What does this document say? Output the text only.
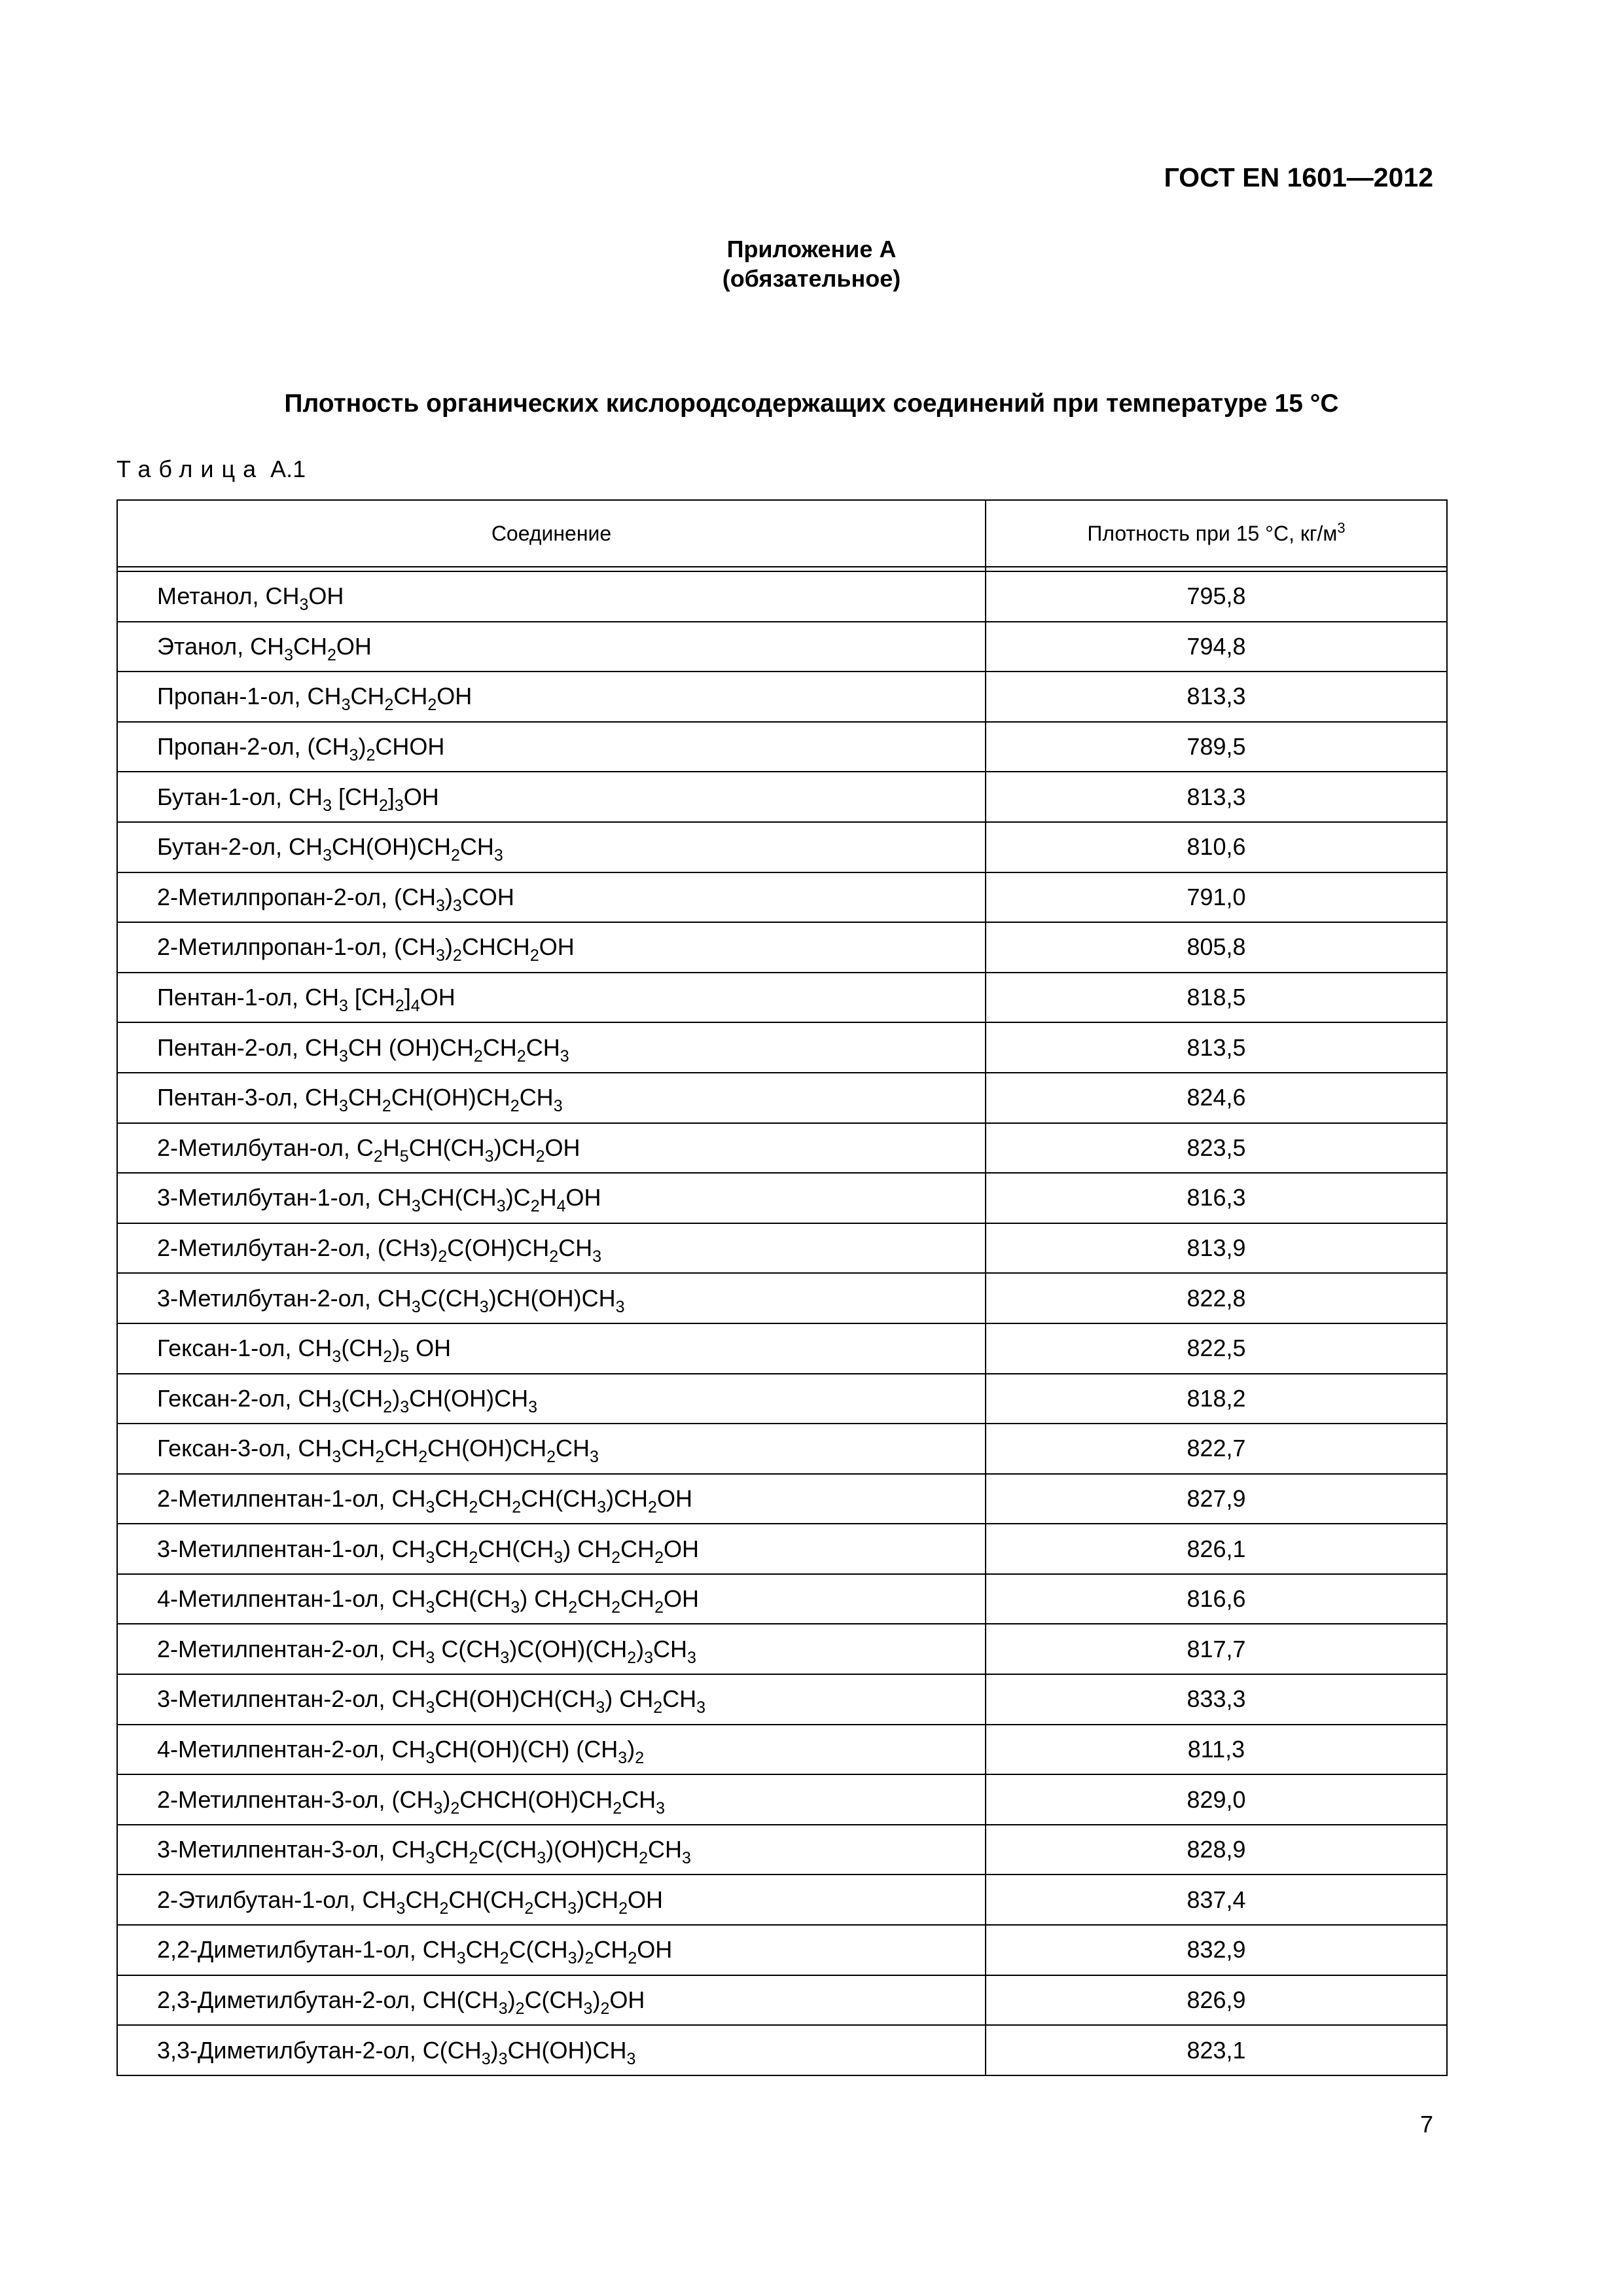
ГОСТ EN 1601—2012
Приложение А
(обязательное)
Плотность органических кислородсодержащих соединений при температуре 15 °С
Таблица А.1
Соединение	Плотность при 15 °С, $кг/м^3$

Метанол, $CH_3OH$	795,8
Этанол, $CH_3CH_2OH$	794,8
Пропан-1-ол, $CH_3CH_2CH_2OH$	813,3
Пропан-2-ол, $(CH_3)_2CHOH$	789,5
Бутан-1-ол, $CH_3$ $[CH_2]_3OH$	813,3
Бутан-2-ол, $CH_3CH(OH)CH_2CH_3$	810,6
2-Метилпропан-2-ол, $(CH_3)_3COH$	791,0
2-Метилпропан-1-ол, $(CH_3)_2CHCH_2OH$	805,8
Пентан-1-ол, $CH_3$ $[CH_2]_4OH$	818,5
Пентан-2-ол, $CH_3CH$ $(OH)CH_2CH_2CH_3$	813,5
Пентан-3-ол, $CH_3CH_2CH(OH)CH_2CH_3$	824,6
2-Метилбутан-ол, $C_2H_5CH(CH_3)CH_2OH$	823,5
3-Метилбутан-1-ол, $CH_3CH(CH_3)C_2H_4OH$	816,3
2-Метилбутан-2-ол, $(CHз)_2C(OH)CH_2CH_3$	813,9
3-Метилбутан-2-ол, $CH_3C(CH_3)CH(OH)CH_3$	822,8
Гексан-1-ол, $CH_3(CH_2)_5$ OH	822,5
Гексан-2-ол, $CH_3(CH_2)_3CH(OH)CH_3$	818,2
Гексан-3-ол, $CH_3CH_2CH_2CH(OH)CH_2CH_3$	822,7
2-Метилпентан-1-ол, $CH_3CH_2CH_2CH(CH_3)CH_2OH$	827,9
3-Метилпентан-1-ол, $CH_3CH_2CH(CH_3)$ $CH_2CH_2OH$	826,1
4-Метилпентан-1-ол, $CH_3CH(CH_3)$ $CH_2CH_2CH_2OH$	816,6
2-Метилпентан-2-ол, $CH_3$ $C(CH_3)C(OH)(CH_2)_3CH_3$	817,7
3-Метилпентан-2-ол, $CH_3CH(OH)CH(CH_3)$ $CH_2CH_3$	833,3
4-Метилпентан-2-ол, $CH_3CH(OH)(CH)$ $(CH_3)_2$	811,3
2-Метилпентан-3-ол, $(CH_3)_2CHCH(OH)CH_2CH_3$	829,0
3-Метилпентан-3-ол, $CH_3CH_2C(CH_3)(OH)CH_2CH_3$	828,9
2-Этилбутан-1-ол, $CH_3CH_2CH(CH_2CH_3)CH_2OH$	837,4
2,2-Диметилбутан-1-ол, $CH_3CH_2C(CH_3)_2CH_2OH$	832,9
2,3-Диметилбутан-2-ол, $CH(CH_3)_2C(CH_3)_2OH$	826,9
3,3-Диметилбутан-2-ол, $C(CH_3)_3CH(OH)CH_3$	823,1
7
